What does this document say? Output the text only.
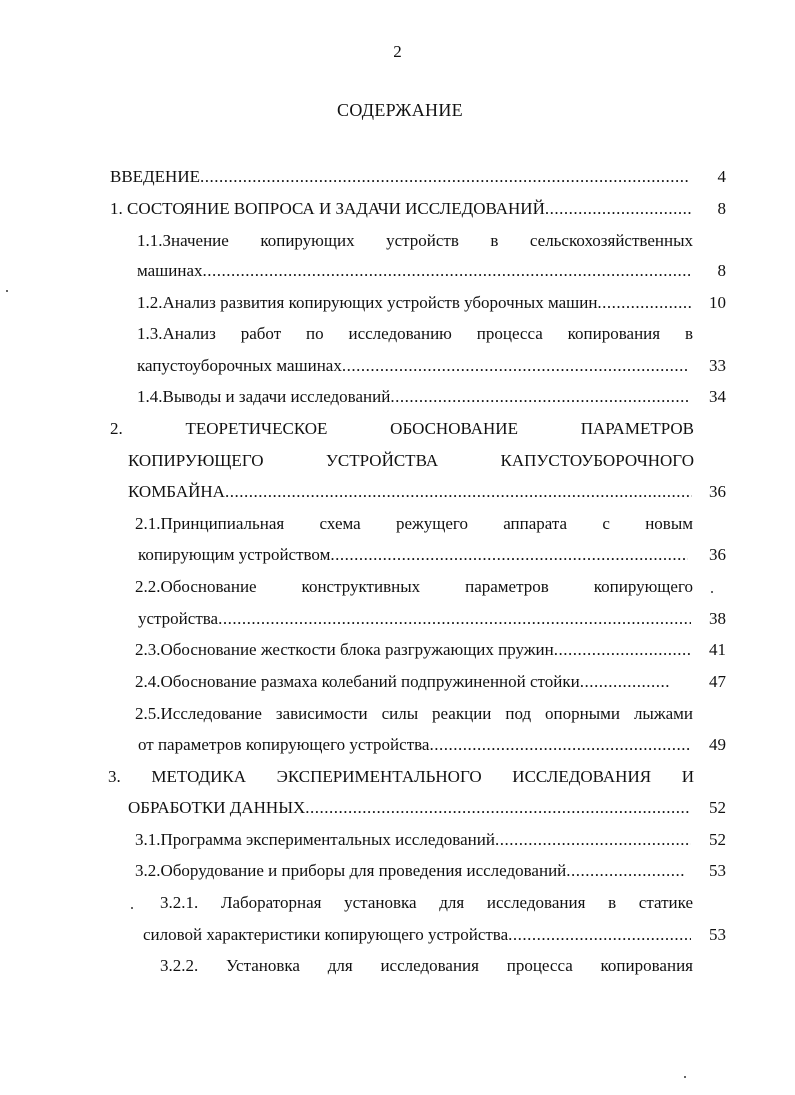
2
СОДЕРЖАНИЕ
ВВЕДЕНИЕ .....	4
1. СОСТОЯНИЕ ВОПРОСА И ЗАДАЧИ ИССЛЕДОВАНИЙ .....	8
1.1.Значение копирующих устройств в сельскохозяйственных
машинах .....	8
1.2.Анализ развития копирующих устройств уборочных машин .....	10
1.3.Анализ работ по исследованию процесса копирования в
капустоуборочных машинах .....	33
1.4.Выводы и задачи исследований .....	34
2. ТЕОРЕТИЧЕСКОЕ ОБОСНОВАНИЕ ПАРАМЕТРОВ
КОПИРУЮЩЕГО УСТРОЙСТВА КАПУСТОУБОРОЧНОГО
КОМБАЙНА .....	36
2.1.Принципиальная схема режущего аппарата с новым
копирующим устройством .....	36
2.2.Обоснование конструктивных параметров копирующего
устройства .....	38
2.3.Обоснование жесткости блока разгружающих пружин .....	41
2.4.Обоснование размаха колебаний подпружиненной стойки .....	47
2.5.Исследование зависимости силы реакции под опорными лыжами
от параметров копирующего устройства .....	49
3. МЕТОДИКА ЭКСПЕРИМЕНТАЛЬНОГО ИССЛЕДОВАНИЯ И
ОБРАБОТКИ ДАННЫХ .....	52
3.1.Программа экспериментальных исследований .....	52
3.2.Оборудование и приборы для проведения исследований .....	53
3.2.1. Лабораторная установка для исследования в статике
силовой характеристики копирующего устройства .....	53
3.2.2. Установка для исследования процесса копирования
